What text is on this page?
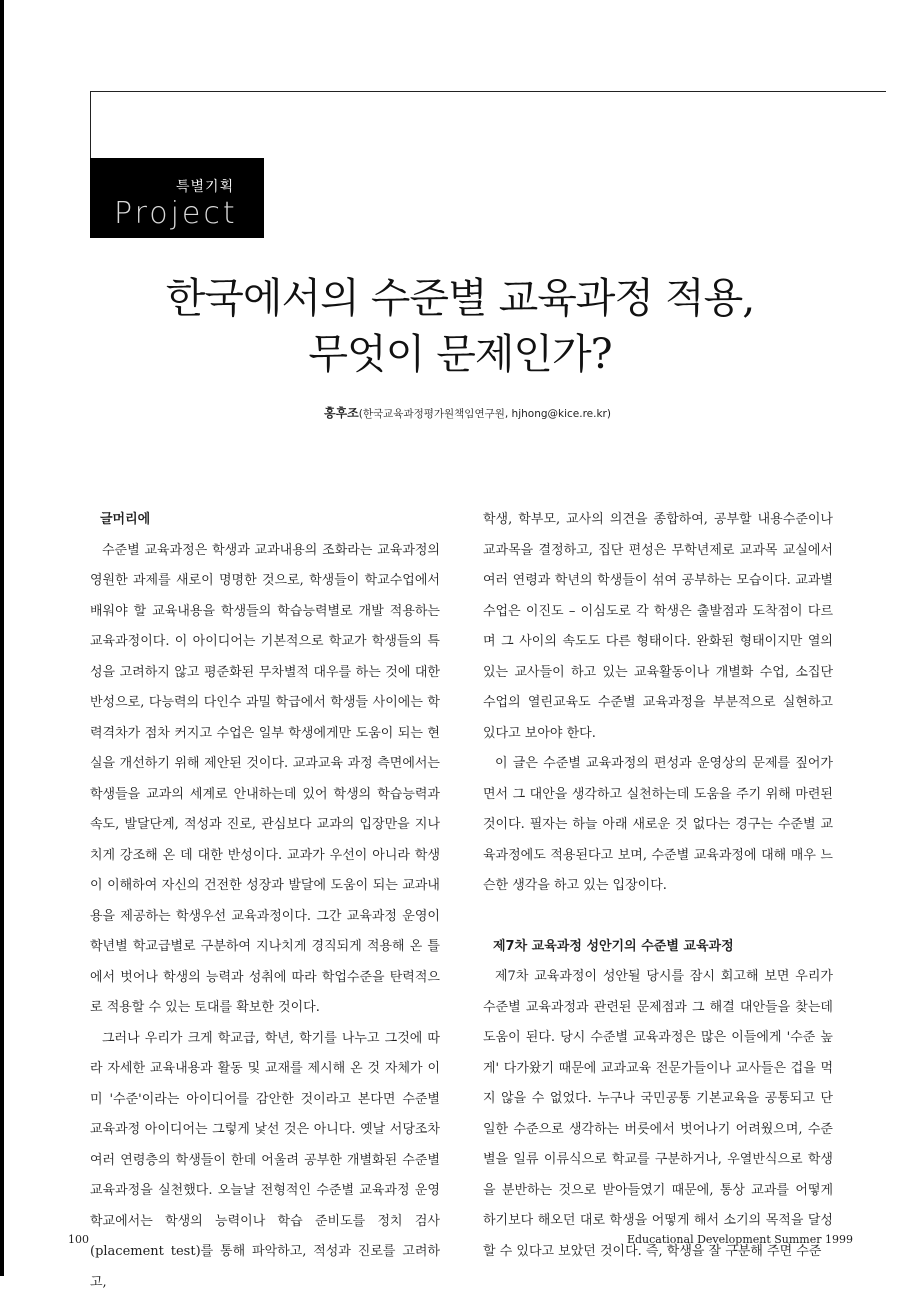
특별기획
Project
한국에서의 수준별 교육과정 적용,
무엇이 문제인가?
홍후조(한국교육과정평가원책임연구원, hjhong@kice.re.kr)
글머리에

수준별 교육과정은 학생과 교과내용의 조화라는 교육과정의 영원한 과제를 새로이 명명한 것으로, 학생들이 학교수업에서 배워야 할 교육내용을 학생들의 학습능력별로 개발 적용하는 교육과정이다. 이 아이디어는 기본적으로 학교가 학생들의 특성을 고려하지 않고 평준화된 무차별적 대우를 하는 것에 대한 반성으로, 다능력의 다인수 과밀 학급에서 학생들 사이에는 학력격차가 점차 커지고 수업은 일부 학생에게만 도움이 되는 현실을 개선하기 위해 제안된 것이다. 교과교육 과정 측면에서는 학생들을 교과의 세계로 안내하는데 있어 학생의 학습능력과 속도, 발달단계, 적성과 진로, 관심보다 교과의 입장만을 지나치게 강조해 온 데 대한 반성이다. 교과가 우선이 아니라 학생이 이해하여 자신의 건전한 성장과 발달에 도움이 되는 교과내용을 제공하는 학생우선 교육과정이다. 그간 교육과정 운영이 학년별 학교급별로 구분하여 지나치게 경직되게 적용해 온 틀에서 벗어나 학생의 능력과 성취에 따라 학업수준을 탄력적으로 적용할 수 있는 토대를 확보한 것이다.

그러나 우리가 크게 학교급, 학년, 학기를 나누고 그것에 따라 자세한 교육내용과 활동 및 교재를 제시해 온 것 자체가 이미 '수준'이라는 아이디어를 감안한 것이라고 본다면 수준별 교육과정 아이디어는 그렇게 낯선 것은 아니다. 옛날 서당조차 여러 연령층의 학생들이 한데 어울려 공부한 개별화된 수준별 교육과정을 실천했다. 오늘날 전형적인 수준별 교육과정 운영 학교에서는 학생의 능력이나 학습 준비도를 정치 검사(placement test)를 통해 파악하고, 적성과 진로를 고려하고,

학생, 학부모, 교사의 의견을 종합하여, 공부할 내용수준이나 교과목을 결정하고, 집단 편성은 무학년제로 교과목 교실에서 여러 연령과 학년의 학생들이 섞여 공부하는 모습이다. 교과별 수업은 이진도 – 이심도로 각 학생은 출발점과 도착점이 다르며 그 사이의 속도도 다른 형태이다. 완화된 형태이지만 열의 있는 교사들이 하고 있는 교육활동이나 개별화 수업, 소집단 수업의 열린교육도 수준별 교육과정을 부분적으로 실현하고 있다고 보아야 한다.

이 글은 수준별 교육과정의 편성과 운영상의 문제를 짚어가면서 그 대안을 생각하고 실천하는데 도움을 주기 위해 마련된 것이다. 필자는 하늘 아래 새로운 것 없다는 경구는 수준별 교육과정에도 적용된다고 보며, 수준별 교육과정에 대해 매우 느슨한 생각을 하고 있는 입장이다.

제7차 교육과정 성안기의 수준별 교육과정

제7차 교육과정이 성안될 당시를 잠시 회고해 보면 우리가 수준별 교육과정과 관련된 문제점과 그 해결 대안들을 찾는데 도움이 된다. 당시 수준별 교육과정은 많은 이들에게 '수준 높게' 다가왔기 때문에 교과교육 전문가들이나 교사들은 겁을 먹지 않을 수 없었다. 누구나 국민공통 기본교육을 공통되고 단일한 수준으로 생각하는 버릇에서 벗어나기 어려웠으며, 수준별을 일류 이류식으로 학교를 구분하거나, 우열반식으로 학생을 분반하는 것으로 받아들였기 때문에, 통상 교과를 어떻게 하기보다 해오던 대로 학생을 어떻게 해서 소기의 목적을 달성할 수 있다고 보았던 것이다. 즉, 학생을 잘 구분해 주면 수준

100	Educational Development Summer 1999
